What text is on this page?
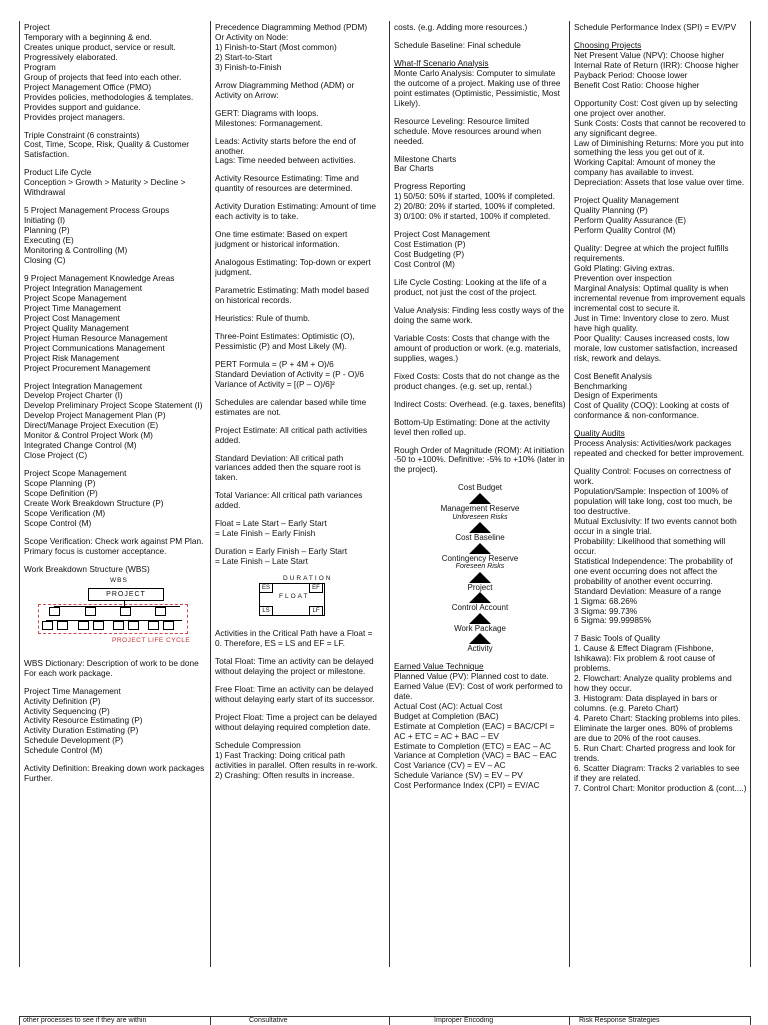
Project
Temporary with a beginning & end.
Creates unique product, service or result.
Progressively elaborated.
Program
Group of projects that feed into each other.
Project Management Office (PMO)
Provides policies, methodologies & templates.
Provides support and guidance.
Provides project managers.
Triple Constraint (6 constraints)
Cost, Time, Scope, Risk, Quality & Customer
Satisfaction.
Product Life Cycle
Conception > Growth > Maturity > Decline >
Withdrawal
5 Project Management Process Groups
Initiating (I)
Planning (P)
Executing (E)
Monitoring & Controlling (M)
Closing (C)
9 Project Management Knowledge Areas
Project Integration Management
Project Scope Management
Project Time Management
Project Cost Management
Project Quality Management
Project Human Resource Management
Project Communications Management
Project Risk Management
Project Procurement Management
Project Integration Management
Develop Project Charter (I)
Develop Preliminary Project Scope Statement (I)
Develop Project Management Plan (P)
Direct/Manage Project Execution (E)
Monitor & Control Project Work (M)
Integrated Change Control (M)
Close Project (C)
Project Scope Management
Scope Planning (P)
Scope Definition (P)
Create Work Breakdown Structure (P)
Scope Verification (M)
Scope Control (M)
Scope Verification: Check work against PM Plan.
Primary focus is customer acceptance.
Work Breakdown Structure (WBS)
WBS
PROJECT
PROJECT LIFE CYCLE
WBS Dictionary: Description of work to be done
For each work package.
Project Time Management
Activity Definition (P)
Activity Sequencing (P)
Activity Resource Estimating (P)
Activity Duration Estimating (P)
Schedule Development (P)
Schedule Control (M)
Activity Definition: Breaking down work packages
Further.
Precedence Diagramming Method (PDM)
Or Activity on Node:
1) Finish-to-Start (Most common)
2) Start-to-Start
3) Finish-to-Finish
Arrow Diagramming Method (ADM) or
Activity on Arrow:
GERT: Diagrams with loops.
Milestones: Formanagement.
Leads: Activity starts before the end of
another.
Lags: Time needed between activities.
Activity Resource Estimating: Time and
quantity of resources are determined.
Activity Duration Estimating: Amount of time
each activity is to take.
One time estimate: Based on expert
judgment or historical information.
Analogous Estimating: Top-down or expert
judgment.
Parametric Estimating: Math model based
on historical records.
Heuristics: Rule of thumb.
Three-Point Estimates: Optimistic (O),
Pessimistic (P) and Most Likely (M).
PERT Formula = (P + 4M + O)/6
Standard Deviation of Activity = (P - O)/6
Variance of Activity = [(P – O)/6]²
Schedules are calendar based while time
estimates are not.
Project Estimate: All critical path activities
added.
Standard Deviation: All critical path
variances added then the square root is
taken.
Total Variance: All critical path variances
added.
Float = Late Start – Early Start
= Late Finish – Early Finish
Duration = Early Finish – Early Start
= Late Finish – Late Start
DURATION
ES	EF
LS	LF
FLOAT
Activities in the Critical Path have a Float =
0. Therefore, ES = LS and EF = LF.
Total Float: Time an activity can be delayed
without delaying the project or milestone.
Free Float: Time an activity can be delayed
without delaying early start of its successor.
Project Float: Time a project can be delayed
without delaying required completion date.
Schedule Compression
1) Fast Tracking: Doing critical path
activities in parallel. Often results in re-work.
2) Crashing: Often results in increase.
costs. (e.g. Adding more resources.)
Schedule Baseline: Final schedule
What-If Scenario Analysis
Monte Carlo Analysis: Computer to simulate
the outcome of a project. Making use of three
point estimates (Optimistic, Pessimistic, Most
Likely).
Resource Leveling: Resource limited
schedule. Move resources around when
needed.
Milestone Charts
Bar Charts
Progress Reporting
1) 50/50: 50% if started, 100% if completed.
2) 20/80: 20% if started, 100% if completed.
3) 0/100: 0% if started, 100% if completed.
Project Cost Management
Cost Estimation (P)
Cost Budgeting (P)
Cost Control (M)
Life Cycle Costing: Looking at the life of a
product, not just the cost of the project.
Value Analysis: Finding less costly ways of the
doing the same work.
Variable Costs: Costs that change with the
amount of production or work. (e.g. materials,
supplies, wages.)
Fixed Costs: Costs that do not change as the
product changes. (e.g. set up, rental.)
Indirect Costs: Overhead. (e.g. taxes, benefits)
Bottom-Up Estimating: Done at the activity
level then rolled up.
Rough Order of Magnitude (ROM): At initiation
-50 to +100%. Definitive: -5% to +10% (later in
the project).
Cost Budget
Management Reserve
Unforeseen Risks
Cost Baseline
Contingency Reserve
Foreseen Risks
Project
Control Account
Work Package
Activity
Earned Value Technique
Planned Value (PV): Planned cost to date.
Earned Value (EV): Cost of work performed to
date.
Actual Cost (AC): Actual Cost
Budget at Completion (BAC)
Estimate at Completion (EAC) = BAC/CPI =
AC + ETC = AC + BAC – EV
Estimate to Completion (ETC) = EAC – AC
Variance at Completion (VAC) = BAC – EAC
Cost Variance (CV) = EV – AC
Schedule Variance (SV) = EV – PV
Cost Performance Index (CPI) = EV/AC
Schedule Performance Index (SPI) = EV/PV
Choosing Projects
Net Present Value (NPV): Choose higher
Internal Rate of Return (IRR): Choose higher
Payback Period: Choose lower
Benefit Cost Ratio: Choose higher
Opportunity Cost: Cost given up by selecting
one project over another.
Sunk Costs: Costs that cannot be recovered to
any significant degree.
Law of Diminishing Returns: More you put into
something the less you get out of it.
Working Capital: Amount of money the
company has available to invest.
Depreciation: Assets that lose value over time.
Project Quality Management
Quality Planning (P)
Perform Quality Assurance (E)
Perform Quality Control (M)
Quality: Degree at which the project fulfills
requirements.
Gold Plating: Giving extras.
Prevention over inspection
Marginal Analysis: Optimal quality is when
incremental revenue from improvement equals
incremental cost to secure it.
Just in Time: Inventory close to zero. Must
have high quality.
Poor Quality: Causes increased costs, low
morale, low customer satisfaction, increased
risk, rework and delays.
Cost Benefit Analysis
Benchmarking
Design of Experiments
Cost of Quality (COQ): Looking at costs of
conformance & non-conformance.
Quality Audits
Process Analysis: Activities/work packages
repeated and checked for better improvement.
Quality Control: Focuses on correctness of
work.
Population/Sample: Inspection of 100% of
population will take long, cost too much, be
too destructive.
Mutual Exclusivity: If two events cannot both
occur in a single trial.
Probability: Likelihood that something will
occur.
Statistical Independence: The probability of
one event occurring does not affect the
probability of another event occurring.
Standard Deviation: Measure of a range
1 Sigma: 68.26%
3 Sigma: 99.73%
6 Sigma: 99.99985%
7 Basic Tools of Quality
1. Cause & Effect Diagram (Fishbone,
Ishikawa): Fix problem & root cause of
problems.
2. Flowchart: Analyze quality problems and
how they occur.
3. Histogram: Data displayed in bars or
columns. (e.g. Pareto Chart)
4. Pareto Chart: Stacking problems into piles.
Eliminate the larger ones. 80% of problems
are due to 20% of the root causes.
5. Run Chart: Charted progress and look for
trends.
6. Scatter Diagram: Tracks 2 variables to see
if they are related.
7. Control Chart: Monitor production & (cont....)
other processes to see if they are within	Consultative	Improper Encoding	Risk Response Strategies
